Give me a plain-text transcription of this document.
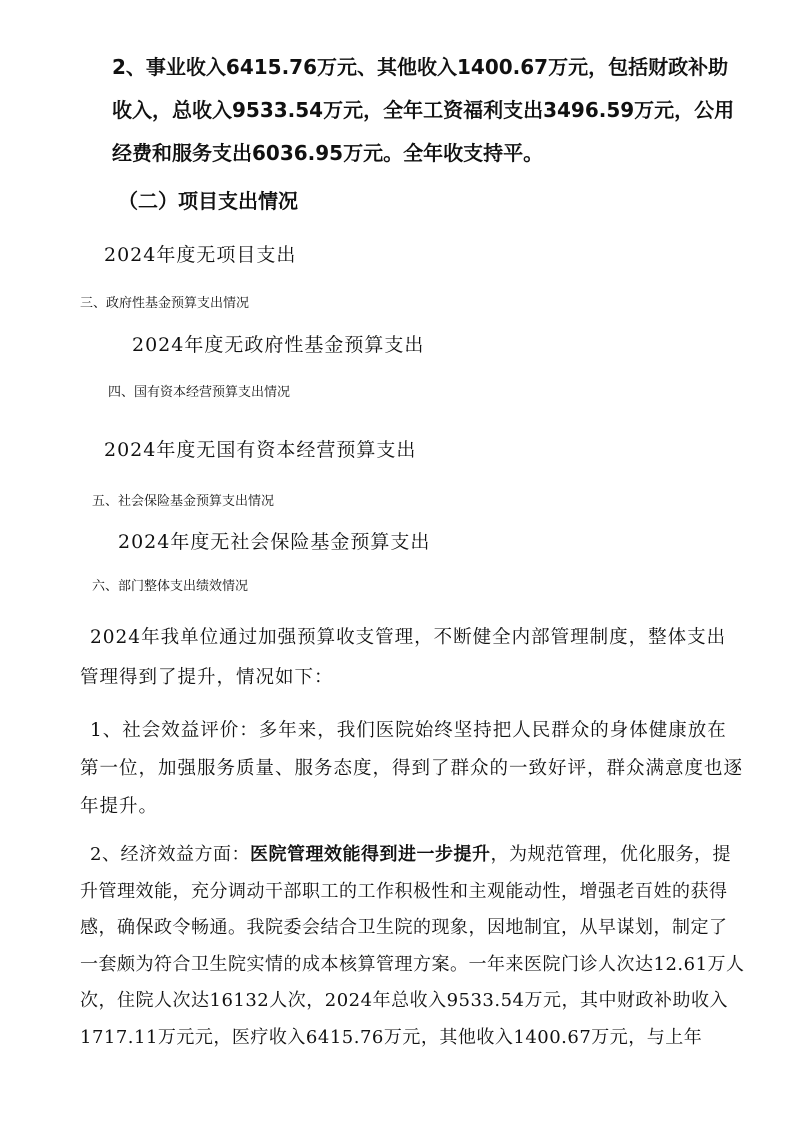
2、事业收入6415.76万元、其他收入1400.67万元，包括财政补助收入，总收入9533.54万元，全年工资福利支出3496.59万元，公用经费和服务支出6036.95万元。全年收支持平。
（二）项目支出情况
2024年度无项目支出
三、政府性基金预算支出情况
2024年度无政府性基金预算支出
四、国有资本经营预算支出情况
2024年度无国有资本经营预算支出
五、社会保险基金预算支出情况
2024年度无社会保险基金预算支出
六、部门整体支出绩效情况
2024年我单位通过加强预算收支管理，不断健全内部管理制度，整体支出管理得到了提升，情况如下：
1、社会效益评价：多年来，我们医院始终坚持把人民群众的身体健康放在第一位，加强服务质量、服务态度，得到了群众的一致好评，群众满意度也逐年提升。
2、经济效益方面：医院管理效能得到进一步提升，为规范管理，优化服务，提升管理效能，充分调动干部职工的工作积极性和主观能动性，增强老百姓的获得感，确保政令畅通。我院委会结合卫生院的现象，因地制宜，从早谋划，制定了一套颇为符合卫生院实情的成本核算管理方案。一年来医院门诊人次达12.61万人次，住院人次达16132人次，2024年总收入9533.54万元，其中财政补助收入1717.11万元元，医疗收入6415.76万元，其他收入1400.67万元，与上年
